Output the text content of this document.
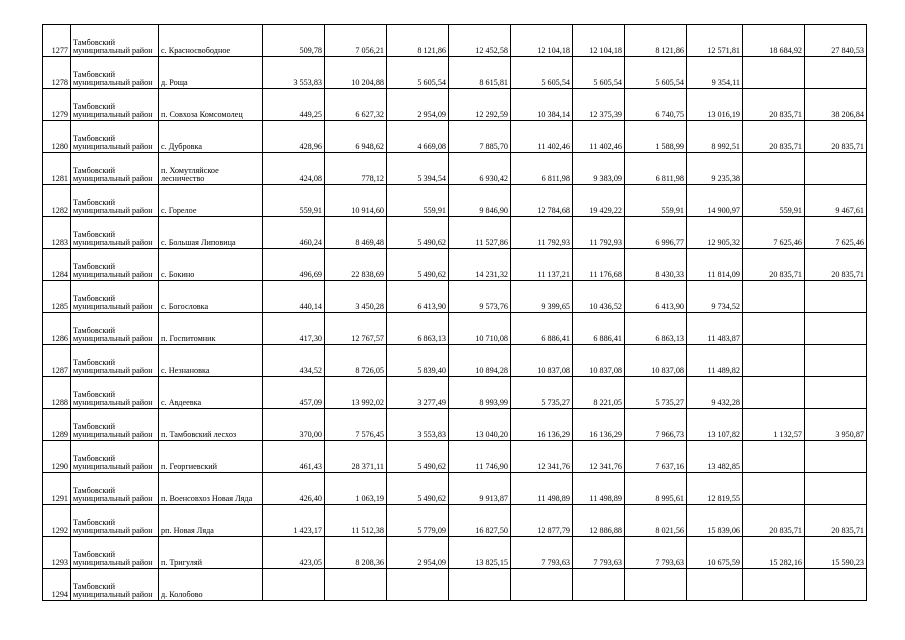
1277	Тамбовский муниципальный район	с. Красносвободное	509,78	7 056,21	8 121,86	12 452,58	12 104,18	12 104,18	8 121,86	12 571,81	18 684,92	27 840,53
1278	Тамбовский муниципальный район	д. Роща	3 553,83	10 204,88	5 605,54	8 615,81	5 605,54	5 605,54	5 605,54	9 354,11		
1279	Тамбовский муниципальный район	п. Совхоза Комсомолец	449,25	6 627,32	2 954,09	12 292,59	10 384,14	12 375,39	6 740,75	13 016,19	20 835,71	38 206,84
1280	Тамбовский муниципальный район	с. Дубровка	428,96	6 948,62	4 669,08	7 885,70	11 402,46	11 402,46	1 588,99	8 992,51	20 835,71	20 835,71
1281	Тамбовский муниципальный район	п. Хомутляйское лесничество	424,08	778,12	5 394,54	6 930,42	6 811,98	9 383,09	6 811,98	9 235,38		
1282	Тамбовский муниципальный район	с. Горелое	559,91	10 914,60	559,91	9 846,90	12 784,68	19 429,22	559,91	14 900,97	559,91	9 467,61
1283	Тамбовский муниципальный район	с. Большая Липовица	460,24	8 469,48	5 490,62	11 527,86	11 792,93	11 792,93	6 996,77	12 905,32	7 625,46	7 625,46
1284	Тамбовский муниципальный район	с. Бокино	496,69	22 838,69	5 490,62	14 231,32	11 137,21	11 176,68	8 430,33	11 814,09	20 835,71	20 835,71
1285	Тамбовский муниципальный район	с. Богословка	440,14	3 450,28	6 413,90	9 573,76	9 399,65	10 436,52	6 413,90	9 734,52		
1286	Тамбовский муниципальный район	п. Госпитомник	417,30	12 767,57	6 863,13	10 710,08	6 886,41	6 886,41	6 863,13	11 483,87		
1287	Тамбовский муниципальный район	с. Незнановка	434,52	8 726,05	5 839,40	10 894,28	10 837,08	10 837,08	10 837,08	11 489,82		
1288	Тамбовский муниципальный район	с. Авдеевка	457,09	13 992,02	3 277,49	8 993,99	5 735,27	8 221,05	5 735,27	9 432,28		
1289	Тамбовский муниципальный район	п. Тамбовский лесхоз	370,00	7 576,45	3 553,83	13 040,20	16 136,29	16 136,29	7 966,73	13 107,82	1 132,57	3 950,87
1290	Тамбовский муниципальный район	п. Георгиевский	461,43	28 371,11	5 490,62	11 746,90	12 341,76	12 341,76	7 637,16	13 482,85		
1291	Тамбовский муниципальный район	п. Военсовхоз Новая Ляда	426,40	1 063,19	5 490,62	9 913,87	11 498,89	11 498,89	8 995,61	12 819,55		
1292	Тамбовский муниципальный район	рп. Новая Ляда	1 423,17	11 512,38	5 779,09	16 827,50	12 877,79	12 886,88	8 021,56	15 839,06	20 835,71	20 835,71
1293	Тамбовский муниципальный район	п. Тригуляй	423,05	8 208,36	2 954,09	13 825,15	7 793,63	7 793,63	7 793,63	10 675,59	15 282,16	15 590,23
1294	Тамбовский муниципальный район	д. Колобово										
